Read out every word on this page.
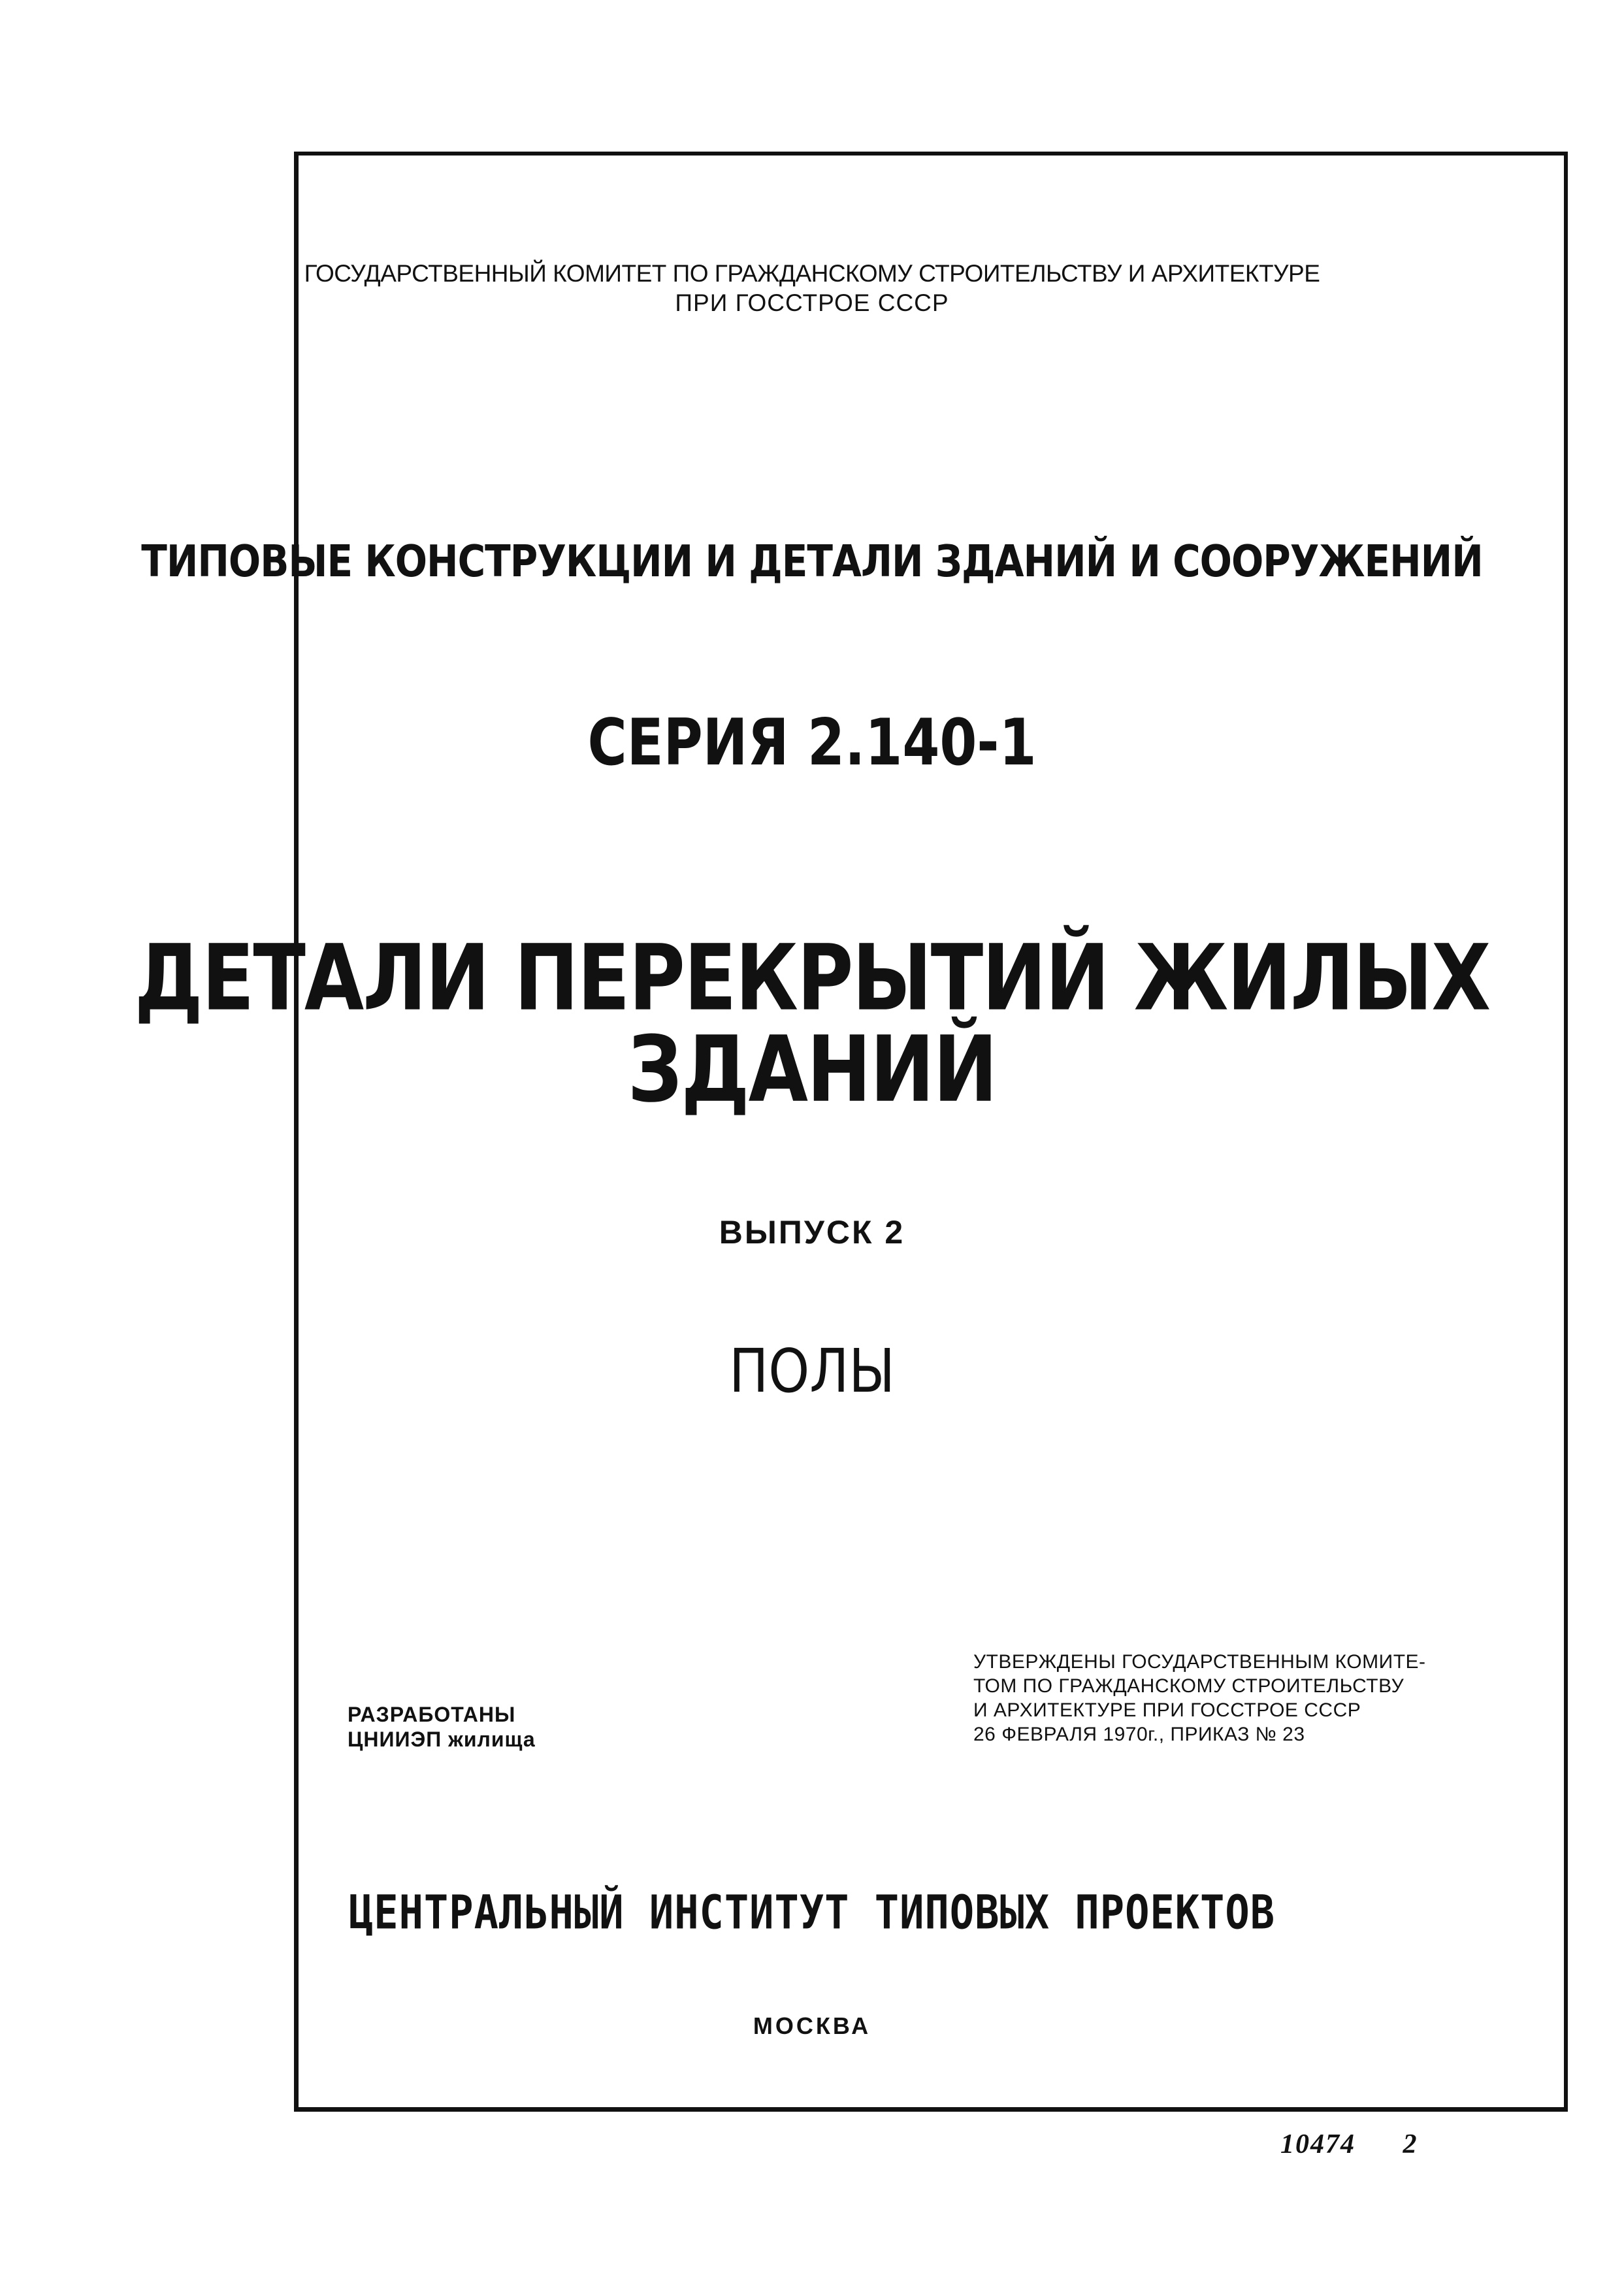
ГОСУДАРСТВЕННЫЙ КОМИТЕТ ПО ГРАЖДАНСКОМУ СТРОИТЕЛЬСТВУ И АРХИТЕКТУРЕ
ПРИ ГОССТРОЕ СССР
ТИПОВЫЕ КОНСТРУКЦИИ И ДЕТАЛИ ЗДАНИЙ И СООРУЖЕНИЙ
СЕРИЯ 2.140-1
ДЕТАЛИ ПЕРЕКРЫТИЙ ЖИЛЫХ
ЗДАНИЙ
ВЫПУСК 2
ПОЛЫ
РАЗРАБОТАНЫ
ЦНИИЭП жилища
УТВЕРЖДЕНЫ ГОСУДАРСТВЕННЫМ КОМИТЕ-
ТОМ ПО ГРАЖДАНСКОМУ СТРОИТЕЛЬСТВУ
И АРХИТЕКТУРЕ ПРИ ГОССТРОЕ СССР
26 ФЕВРАЛЯ 1970г., ПРИКАЗ № 23
ЦЕНТРАЛЬНЫЙ ИНСТИТУТ ТИПОВЫХ ПРОЕКТОВ
МОСКВА
10474 2
